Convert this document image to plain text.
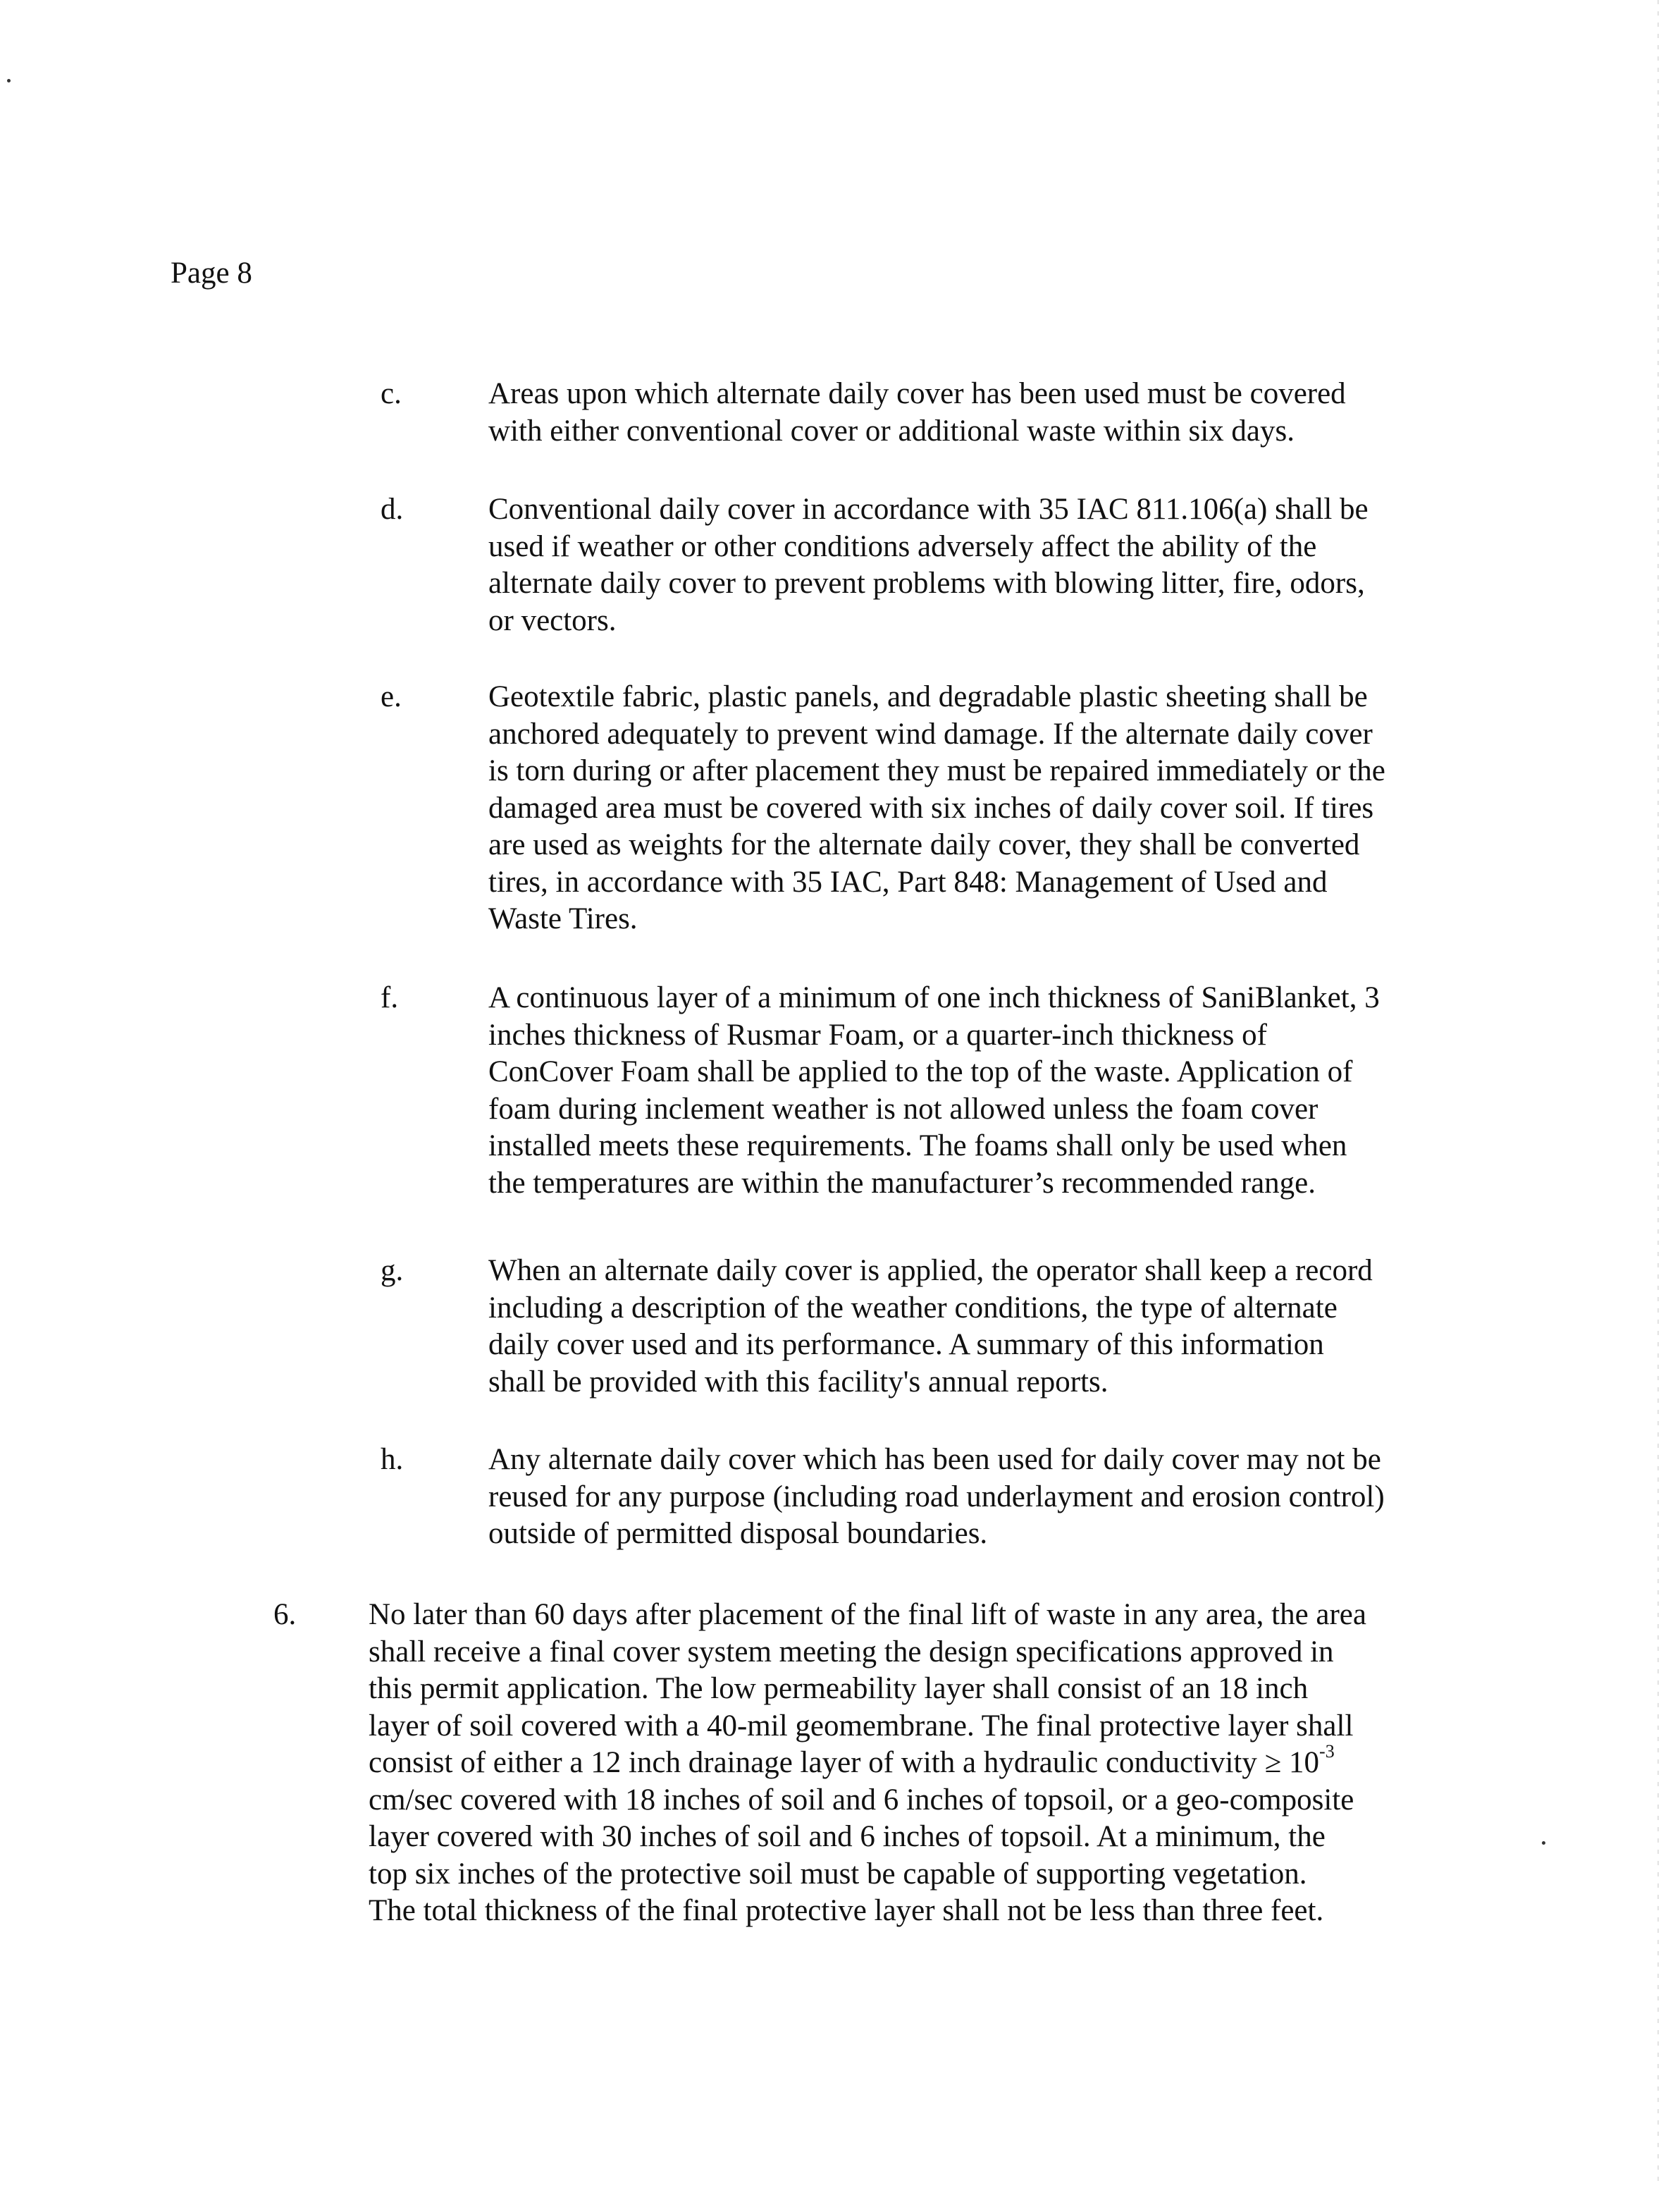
Page 8
c.	Areas upon which alternate daily cover has been used must be covered
with either conventional cover or additional waste within six days.
d.	Conventional daily cover in accordance with 35 IAC 811.106(a) shall be
used if weather or other conditions adversely affect the ability of the
alternate daily cover to prevent problems with blowing litter, fire, odors,
or vectors.
e.	Geotextile fabric, plastic panels, and degradable plastic sheeting shall be
anchored adequately to prevent wind damage. If the alternate daily cover
is torn during or after placement they must be repaired immediately or the
damaged area must be covered with six inches of daily cover soil. If tires
are used as weights for the alternate daily cover, they shall be converted
tires, in accordance with 35 IAC, Part 848: Management of Used and
Waste Tires.
f.	A continuous layer of a minimum of one inch thickness of SaniBlanket, 3
inches thickness of Rusmar Foam, or a quarter-inch thickness of
ConCover Foam shall be applied to the top of the waste. Application of
foam during inclement weather is not allowed unless the foam cover
installed meets these requirements. The foams shall only be used when
the temperatures are within the manufacturer’s recommended range.
g.	When an alternate daily cover is applied, the operator shall keep a record
including a description of the weather conditions, the type of alternate
daily cover used and its performance. A summary of this information
shall be provided with this facility's annual reports.
h.	Any alternate daily cover which has been used for daily cover may not be
reused for any purpose (including road underlayment and erosion control)
outside of permitted disposal boundaries.
6. No later than 60 days after placement of the final lift of waste in any area, the area
shall receive a final cover system meeting the design specifications approved in
this permit application. The low permeability layer shall consist of an 18 inch
layer of soil covered with a 40-mil geomembrane. The final protective layer shall
consist of either a 12 inch drainage layer of with a hydraulic conductivity ≥ $10^{-3}$
cm/sec covered with 18 inches of soil and 6 inches of topsoil, or a geo-composite
layer covered with 30 inches of soil and 6 inches of topsoil. At a minimum, the
top six inches of the protective soil must be capable of supporting vegetation.
The total thickness of the final protective layer shall not be less than three feet.
